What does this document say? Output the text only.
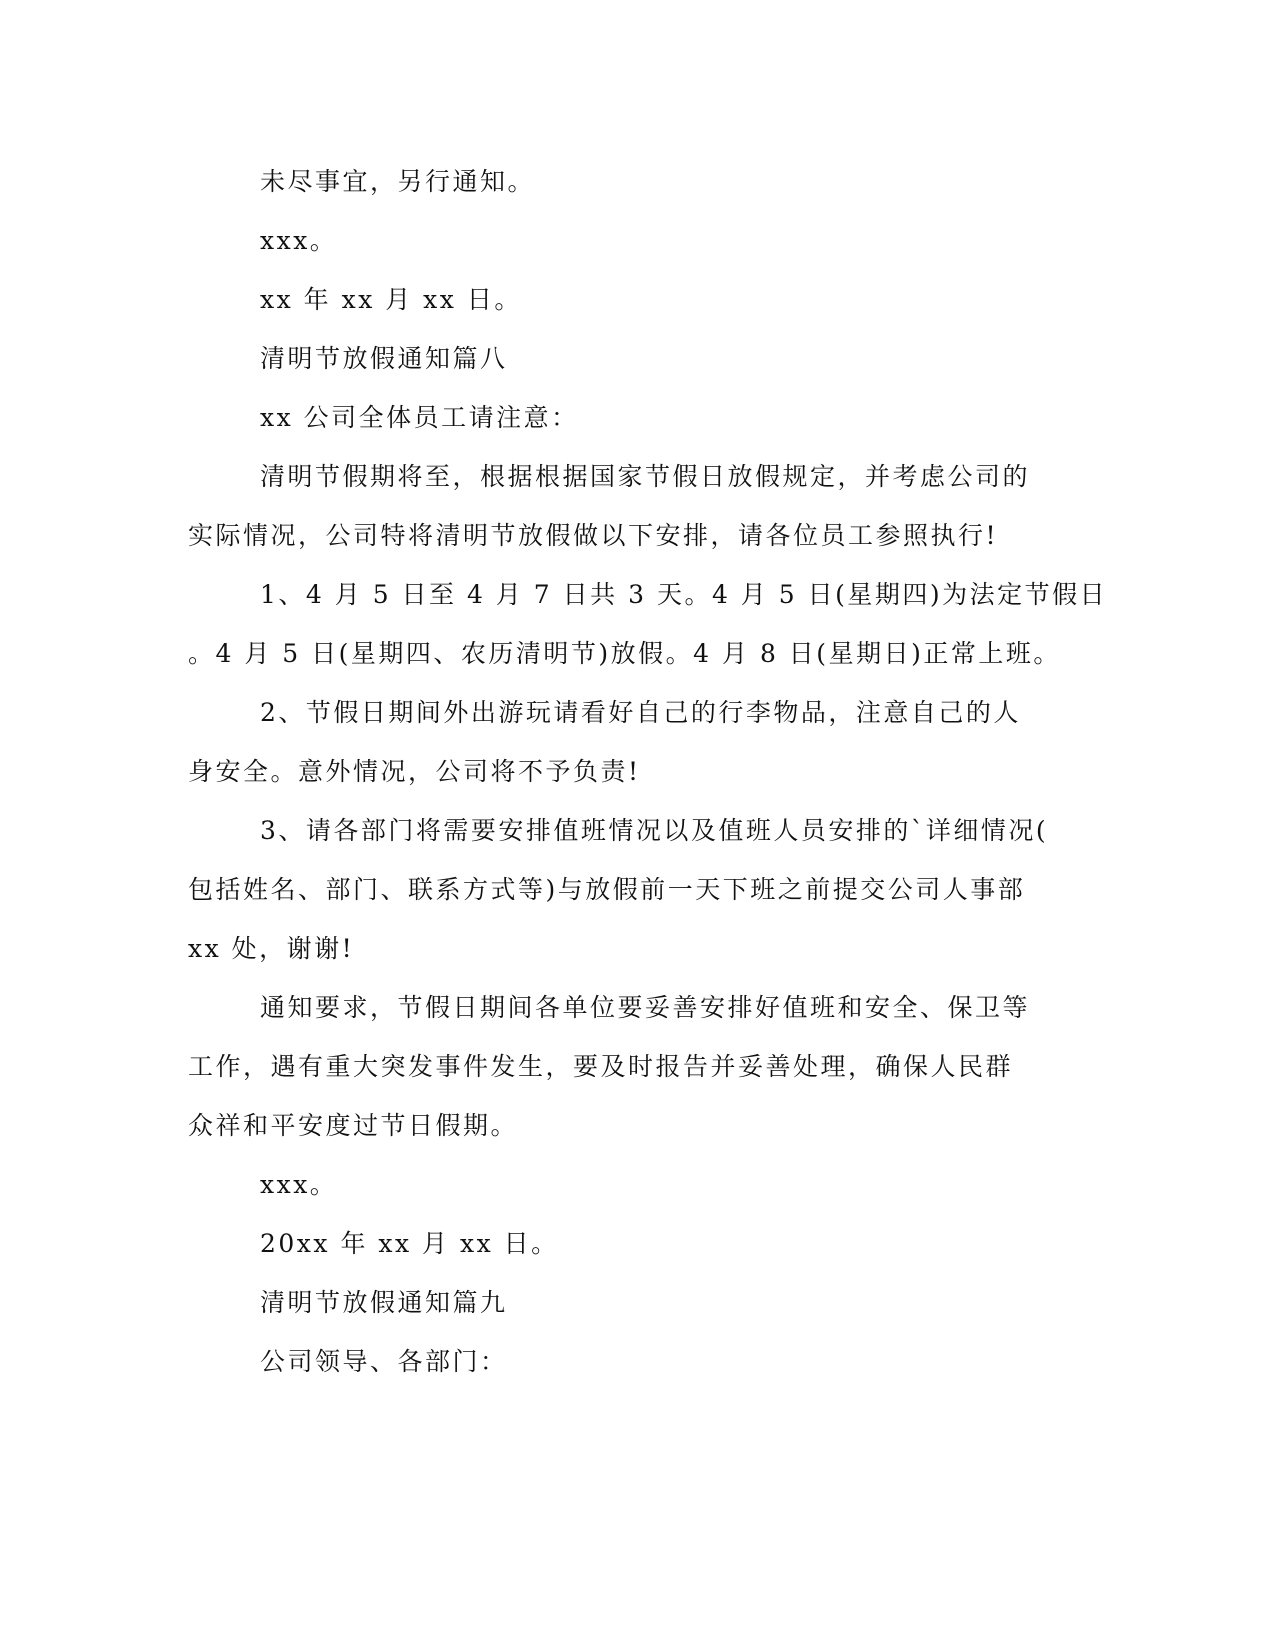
未尽事宜，另行通知。
xxx。
xx 年 xx 月 xx 日。
清明节放假通知篇八
xx 公司全体员工请注意：
清明节假期将至，根据根据国家节假日放假规定，并考虑公司的
实际情况，公司特将清明节放假做以下安排，请各位员工参照执行!
1、4 月 5 日至 4 月 7 日共 3 天。4 月 5 日(星期四)为法定节假日
。4 月 5 日(星期四、农历清明节)放假。4 月 8 日(星期日)正常上班。
2、节假日期间外出游玩请看好自己的行李物品，注意自己的人
身安全。意外情况，公司将不予负责!
3、请各部门将需要安排值班情况以及值班人员安排的`详细情况(
包括姓名、部门、联系方式等)与放假前一天下班之前提交公司人事部
xx 处，谢谢!
通知要求，节假日期间各单位要妥善安排好值班和安全、保卫等
工作，遇有重大突发事件发生，要及时报告并妥善处理，确保人民群
众祥和平安度过节日假期。
xxx。
20xx 年 xx 月 xx 日。
清明节放假通知篇九
公司领导、各部门：
